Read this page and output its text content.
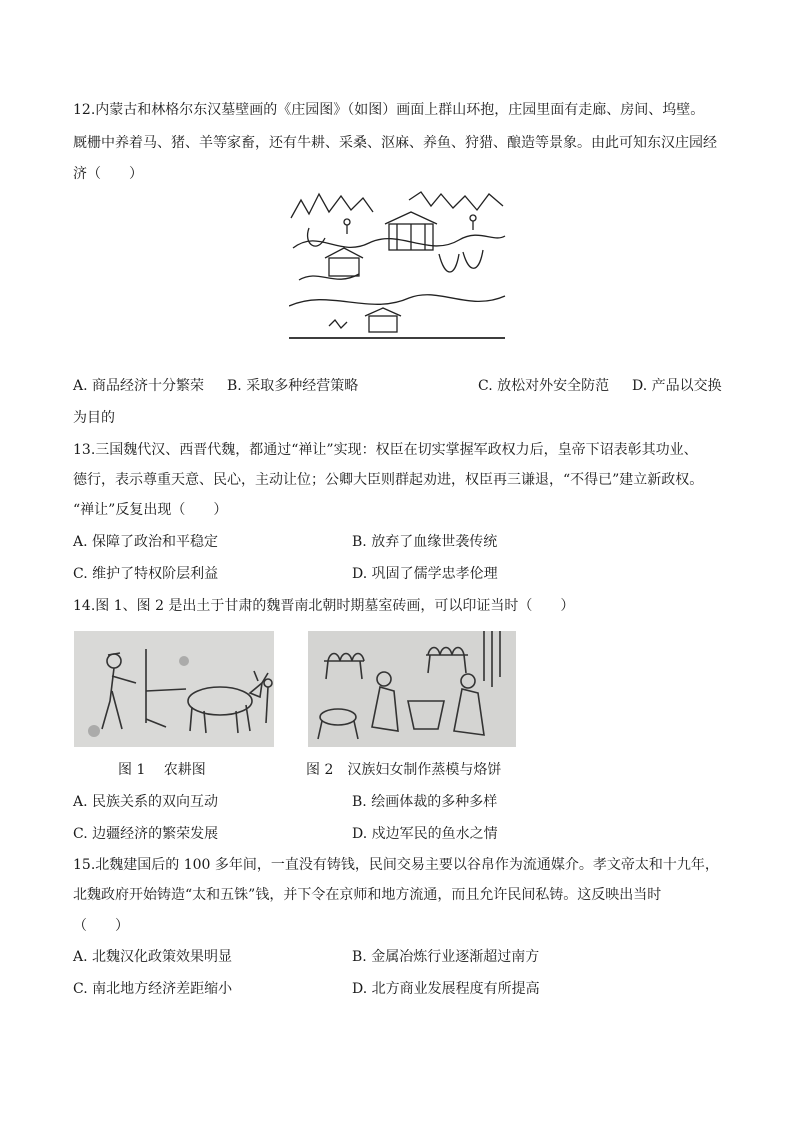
12.内蒙古和林格尔东汉墓壁画的《庄园图》（如图）画面上群山环抱，庄园里面有走廊、房间、坞壁。
厩栅中养着马、猪、羊等家畜，还有牛耕、采桑、沤麻、养鱼、狩猎、酿造等景象。由此可知东汉庄园经
济（　　）
A. 商品经济十分繁荣 B. 采取多种经营策略	C. 放松对外安全防范 D. 产品以交换
为目的
13.三国魏代汉、西晋代魏，都通过“禅让”实现：权臣在切实掌握军政权力后，皇帝下诏表彰其功业、
德行，表示尊重天意、民心，主动让位；公卿大臣则群起劝进，权臣再三谦退，“不得已”建立新政权。
“禅让”反复出现（　　）
A. 保障了政治和平稳定	B. 放弃了血缘世袭传统
C. 维护了特权阶层利益	D. 巩固了儒学忠孝伦理
14.图 1、图 2 是出土于甘肃的魏晋南北朝时期墓室砖画，可以印证当时（　　）
图 1　 农耕图	图 2　汉族妇女制作蒸模与烙饼
A. 民族关系的双向互动	B. 绘画体裁的多种多样
C. 边疆经济的繁荣发展	D. 戍边军民的鱼水之情
15.北魏建国后的 100 多年间，一直没有铸钱，民间交易主要以谷帛作为流通媒介。孝文帝太和十九年，
北魏政府开始铸造“太和五铢”钱，并下令在京师和地方流通，而且允许民间私铸。这反映出当时
（　　）
A. 北魏汉化政策效果明显	B. 金属冶炼行业逐渐超过南方
C. 南北地方经济差距缩小	D. 北方商业发展程度有所提高
